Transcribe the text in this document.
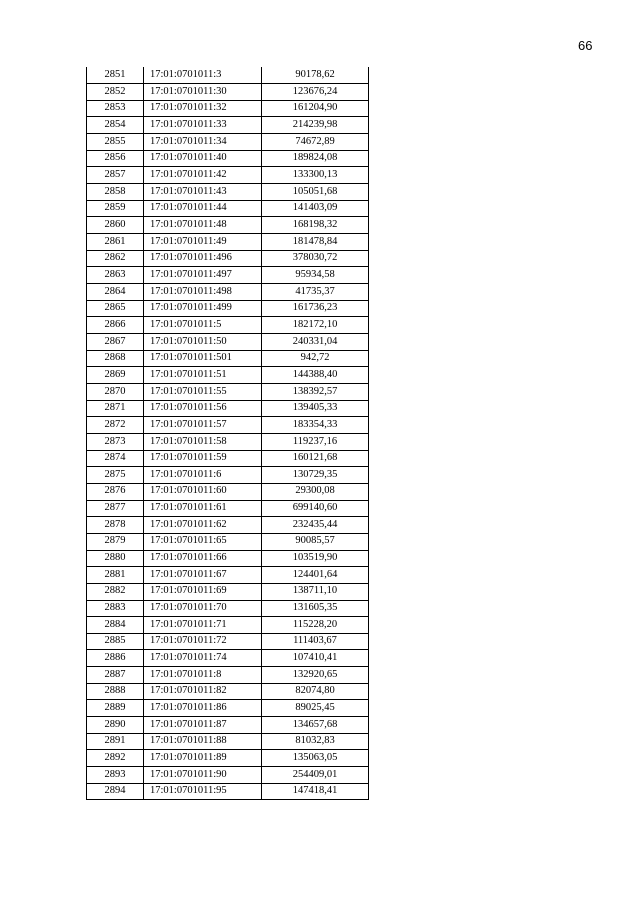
66
2851	17:01:0701011:3	90178,62
2852	17:01:0701011:30	123676,24
2853	17:01:0701011:32	161204,90
2854	17:01:0701011:33	214239,98
2855	17:01:0701011:34	74672,89
2856	17:01:0701011:40	189824,08
2857	17:01:0701011:42	133300,13
2858	17:01:0701011:43	105051,68
2859	17:01:0701011:44	141403,09
2860	17:01:0701011:48	168198,32
2861	17:01:0701011:49	181478,84
2862	17:01:0701011:496	378030,72
2863	17:01:0701011:497	95934,58
2864	17:01:0701011:498	41735,37
2865	17:01:0701011:499	161736,23
2866	17:01:0701011:5	182172,10
2867	17:01:0701011:50	240331,04
2868	17:01:0701011:501	942,72
2869	17:01:0701011:51	144388,40
2870	17:01:0701011:55	138392,57
2871	17:01:0701011:56	139405,33
2872	17:01:0701011:57	183354,33
2873	17:01:0701011:58	119237,16
2874	17:01:0701011:59	160121,68
2875	17:01:0701011:6	130729,35
2876	17:01:0701011:60	29300,08
2877	17:01:0701011:61	699140,60
2878	17:01:0701011:62	232435,44
2879	17:01:0701011:65	90085,57
2880	17:01:0701011:66	103519,90
2881	17:01:0701011:67	124401,64
2882	17:01:0701011:69	138711,10
2883	17:01:0701011:70	131605,35
2884	17:01:0701011:71	115228,20
2885	17:01:0701011:72	111403,67
2886	17:01:0701011:74	107410,41
2887	17:01:0701011:8	132920,65
2888	17:01:0701011:82	82074,80
2889	17:01:0701011:86	89025,45
2890	17:01:0701011:87	134657,68
2891	17:01:0701011:88	81032,83
2892	17:01:0701011:89	135063,05
2893	17:01:0701011:90	254409,01
2894	17:01:0701011:95	147418,41
